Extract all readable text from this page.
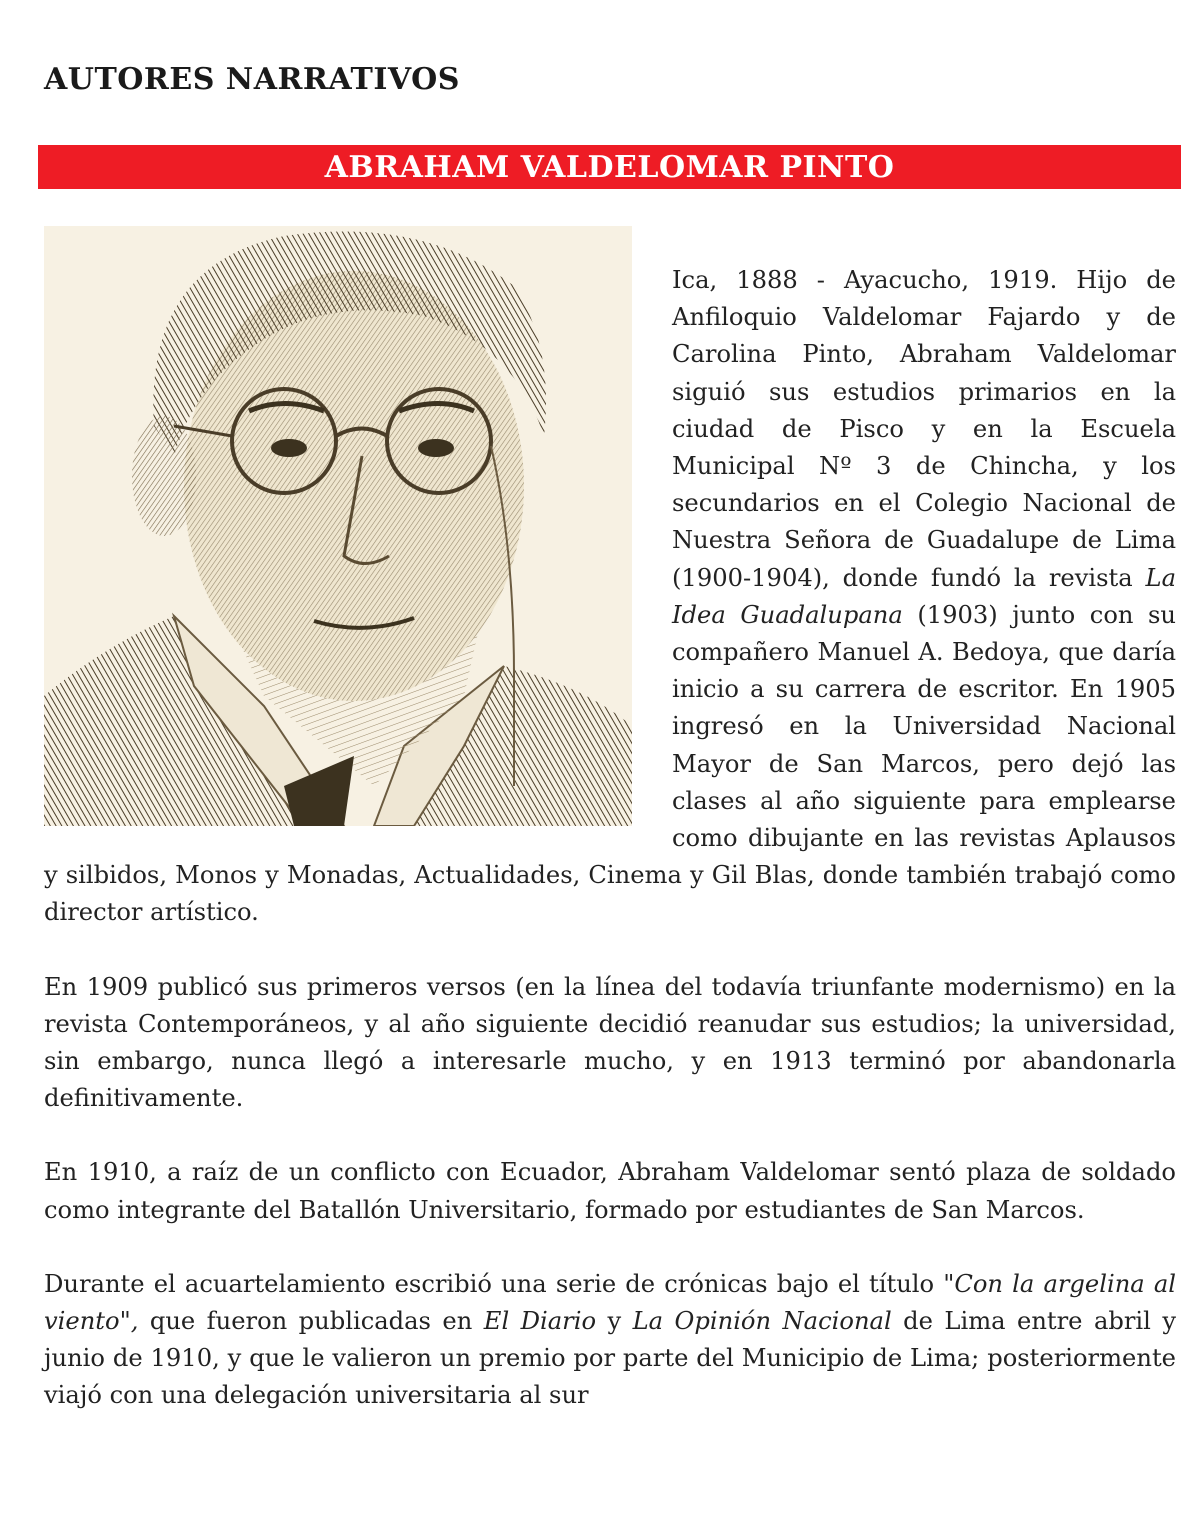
AUTORES NARRATIVOS
ABRAHAM VALDELOMAR PINTO

Ica, 1888 - Ayacucho, 1919. Hijo de Anfiloquio Valdelomar Fajardo y de Carolina Pinto, Abraham Valdelomar siguió sus estudios primarios en la ciudad de Pisco y en la Escuela Municipal Nº 3 de Chincha, y los secundarios en el Colegio Nacional de Nuestra Señora de Guadalupe de Lima (1900-1904), donde fundó la revista La Idea Guadalupana (1903) junto con su compañero Manuel A. Bedoya, que daría inicio a su carrera de escritor. En 1905 ingresó en la Universidad Nacional Mayor de San Marcos, pero dejó las clases al año siguiente para emplearse como dibujante en las revistas Aplausos y silbidos, Monos y Monadas, Actualidades, Cinema y Gil Blas, donde también trabajó como director artístico.

En 1909 publicó sus primeros versos (en la línea del todavía triunfante modernismo) en la revista Contemporáneos, y al año siguiente decidió reanudar sus estudios; la universidad, sin embargo, nunca llegó a interesarle mucho, y en 1913 terminó por abandonarla definitivamente.

En 1910, a raíz de un conflicto con Ecuador, Abraham Valdelomar sentó plaza de soldado como integrante del Batallón Universitario, formado por estudiantes de San Marcos.

Durante el acuartelamiento escribió una serie de crónicas bajo el título "Con la argelina al viento", que fueron publicadas en El Diario y La Opinión Nacional de Lima entre abril y junio de 1910, y que le valieron un premio por parte del Municipio de Lima; posteriormente viajó con una delegación universitaria al sur
